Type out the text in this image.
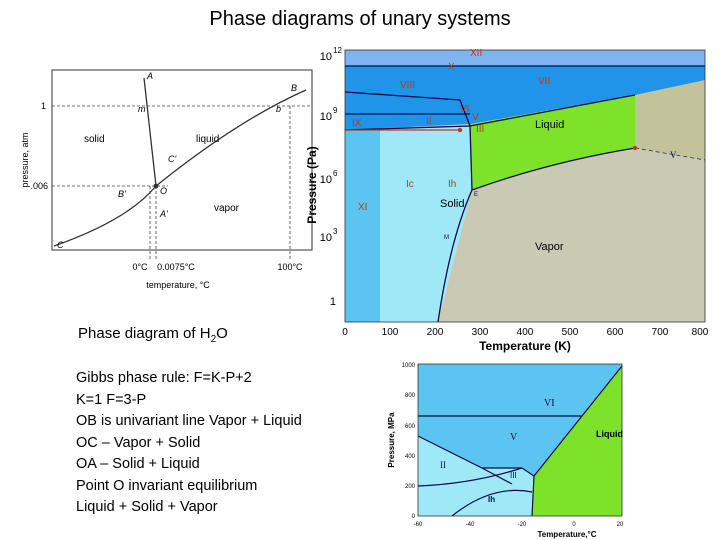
Phase diagrams of unary systems
pressure, atm
1
.006
solid	liquid
vapor
A
B
C
O
m	b
B'
C'
A'
0°C 0.0075°C	100°C
temperature, °C
Pressure (Pa)
10
12
10
9
10
6
10
3
1
0	100	200	300	400	500	600	700 800
Temperature (K)
Liquid
Solid
Vapor
X
XII
VIII	VII
VI
IX	II	V
III
Ic	Ih
XI
V
E
M
Phase diagram of $H_2O$
Gibbs phase rule: F=K-P+2
K=1 F=3-P
OB is univariant line Vapor + Liquid
OC – Vapor + Solid
OA – Solid + Liquid
Point O invariant equilibrium
Liquid + Solid + Vapor
Pressure, MPa
1000
800
600
400
200
0
-60	-40	-20	0	20
Temperature,°C
Liquid
VI
V
II
III
Ih
